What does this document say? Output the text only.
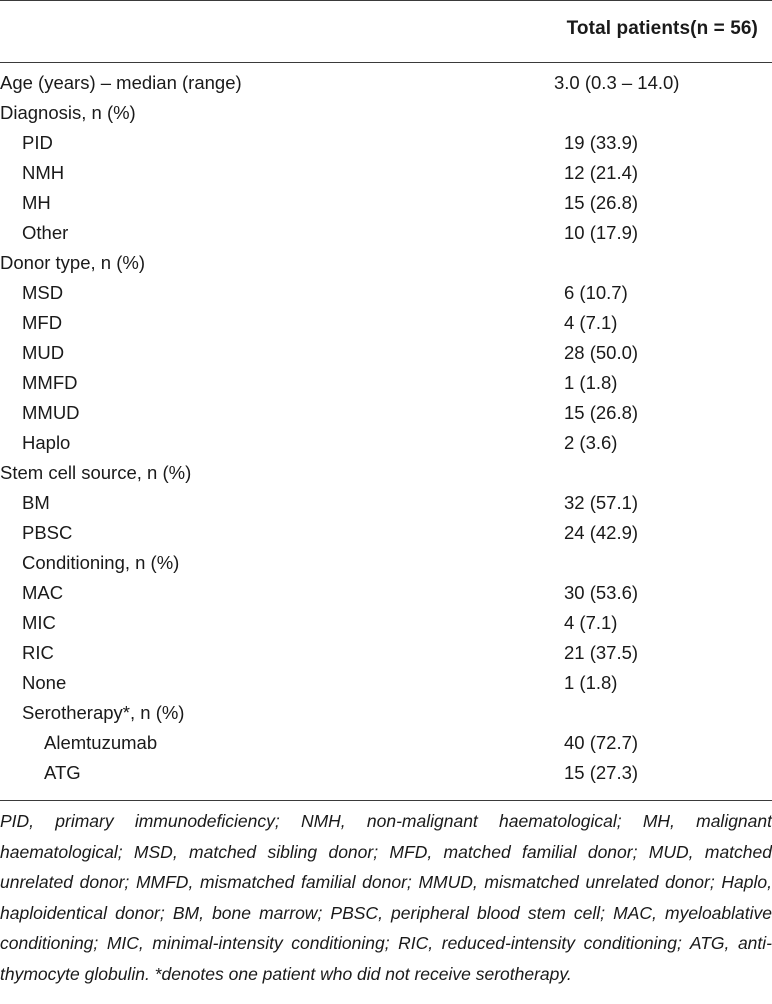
Total patients(n = 56)
Age (years) – median (range)	3.0 (0.3 – 14.0)
Diagnosis, n (%)
PID	19 (33.9)
NMH	12 (21.4)
MH	15 (26.8)
Other	10 (17.9)
Donor type, n (%)
MSD	6 (10.7)
MFD	4 (7.1)
MUD	28 (50.0)
MMFD	1 (1.8)
MMUD	15 (26.8)
Haplo	2 (3.6)
Stem cell source, n (%)
BM	32 (57.1)
PBSC	24 (42.9)
Conditioning, n (%)
MAC	30 (53.6)
MIC	4 (7.1)
RIC	21 (37.5)
None	1 (1.8)
Serotherapy*, n (%)
Alemtuzumab	40 (72.7)
ATG	15 (27.3)
PID, primary immunodeficiency; NMH, non-malignant haematological; MH, malignant haematological; MSD, matched sibling donor; MFD, matched familial donor; MUD, matched unrelated donor; MMFD, mismatched familial donor; MMUD, mismatched unrelated donor; Haplo, haploidentical donor; BM, bone marrow; PBSC, peripheral blood stem cell; MAC, myeloablative conditioning; MIC, minimal-intensity conditioning; RIC, reduced-intensity conditioning; ATG, anti-thymocyte globulin. *denotes one patient who did not receive serotherapy.
